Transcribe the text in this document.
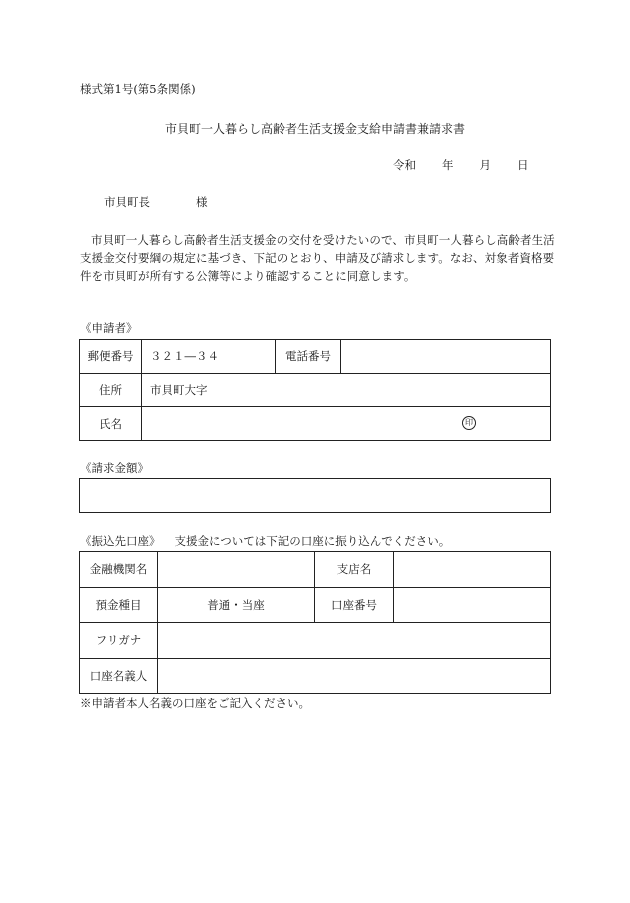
様式第1号(第5条関係)
市貝町一人暮らし高齢者生活支援金支給申請書兼請求書
令和 年 月 日
市貝町長	様
市貝町一人暮らし高齢者生活支援金の交付を受けたいので、市貝町一人暮らし高齢者生活支援金交付要綱の規定に基づき、下記のとおり、申請及び請求します。なお、対象者資格要件を市貝町が所有する公簿等により確認することに同意します。
《申請者》
郵便番号	３２１―３４	電話番号	
住所	市貝町大字		
氏名	印		
《請求金額》
《振込先口座》 支援金については下記の口座に振り込んでください。
金融機関名		支店名	
預金種目	普通・当座	口座番号	
フリガナ			
口座名義人			
※申請者本人名義の口座をご記入ください。
